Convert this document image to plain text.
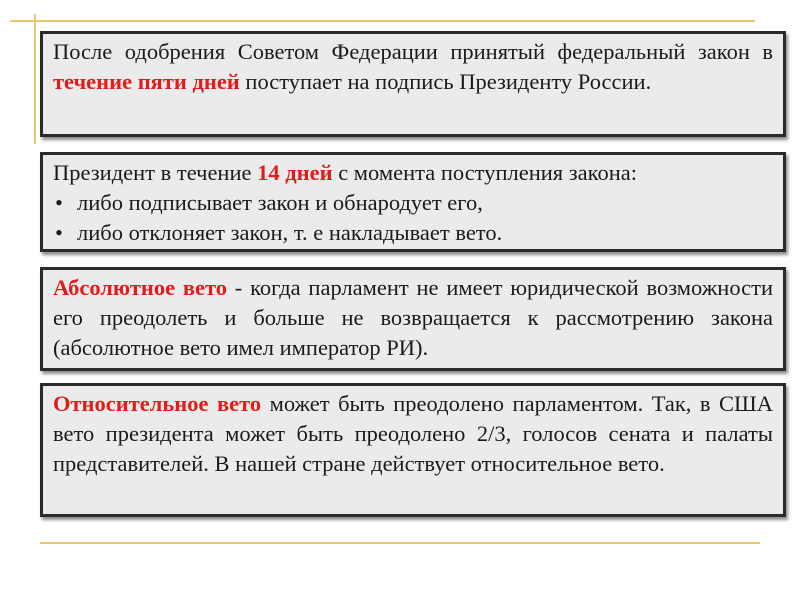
После одобрения Советом Федерации принятый федеральный закон в течение пяти дней поступает на подпись Президенту России.
Президент в течение 14 дней с момента поступления закона:
• либо подписывает закон и обнародует его,
• либо отклоняет закон, т. е накладывает вето.
Абсолютное вето - когда парламент не имеет юридической возможности его преодолеть и больше не возвращается к рассмотрению закона (абсолютное вето имел император РИ).
Относительное вето может быть преодолено парламентом. Так, в США вето президента может быть преодолено 2/3, голосов сената и палаты представителей. В нашей стране действует относительное вето.
